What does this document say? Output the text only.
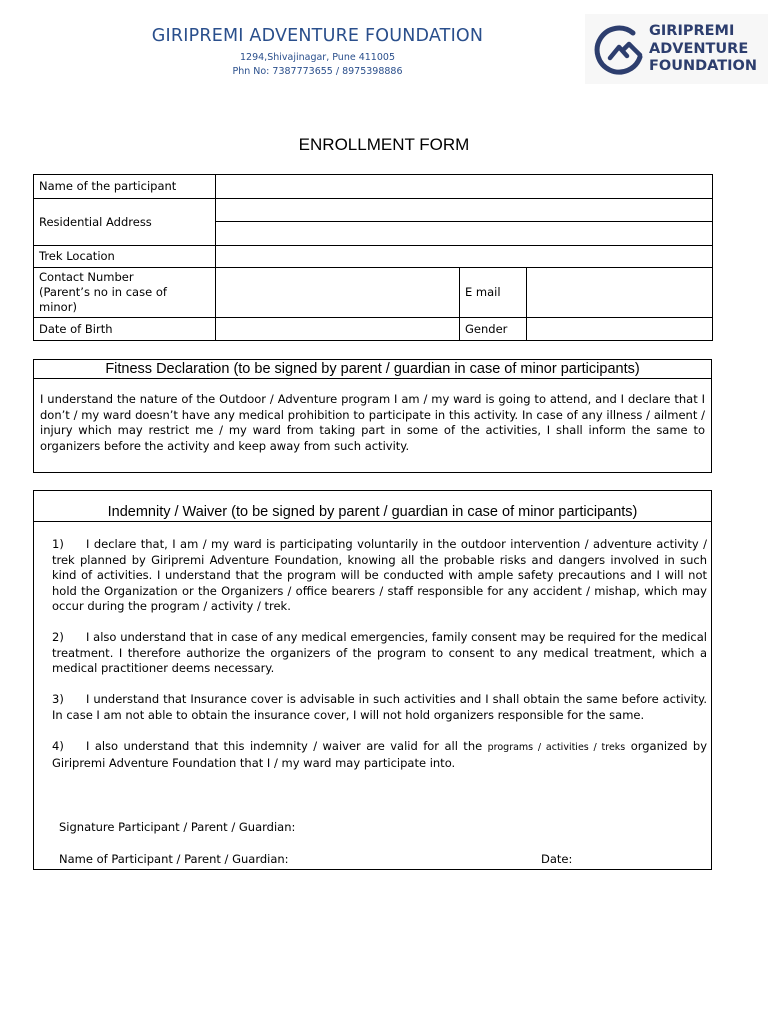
GIRIPREMI ADVENTURE FOUNDATION
1294,Shivajinagar, Pune 411005
Phn No: 7387773655 / 8975398886
GIRIPREMI
ADVENTURE
FOUNDATION
ENROLLMENT FORM
Name of the participant			
Residential Address			

Trek Location			

Contact Number
(Parent’s no in case of
minor)		E mail	
Date of Birth		Gender	
Fitness Declaration (to be signed by parent / guardian in case of minor participants)
I understand the nature of the Outdoor / Adventure program I am / my ward is going to attend, and I declare that I don’t / my ward doesn’t have any medical prohibition to participate in this activity. In case of any illness / ailment / injury which may restrict me / my ward from taking part in some of the activities, I shall inform the same to organizers before the activity and keep away from such activity.
Indemnity / Waiver (to be signed by parent / guardian in case of minor participants)
1) I declare that, I am / my ward is participating voluntarily in the outdoor intervention / adventure activity / trek planned by Giripremi Adventure Foundation, knowing all the probable risks and dangers involved in such kind of activities. I understand that the program will be conducted with ample safety precautions and I will not hold the Organization or the Organizers / office bearers / staff responsible for any accident / mishap, which may occur during the program / activity / trek.
2) I also understand that in case of any medical emergencies, family consent may be required for the medical treatment. I therefore authorize the organizers of the program to consent to any medical treatment, which a medical practitioner deems necessary.
3) I understand that Insurance cover is advisable in such activities and I shall obtain the same before activity. In case I am not able to obtain the insurance cover, I will not hold organizers responsible for the same.
4) I also understand that this indemnity / waiver are valid for all the programs / activities / treks organized by Giripremi Adventure Foundation that I / my ward may participate into.
Signature Participant / Parent / Guardian:
Name of Participant / Parent / Guardian:	Date:
